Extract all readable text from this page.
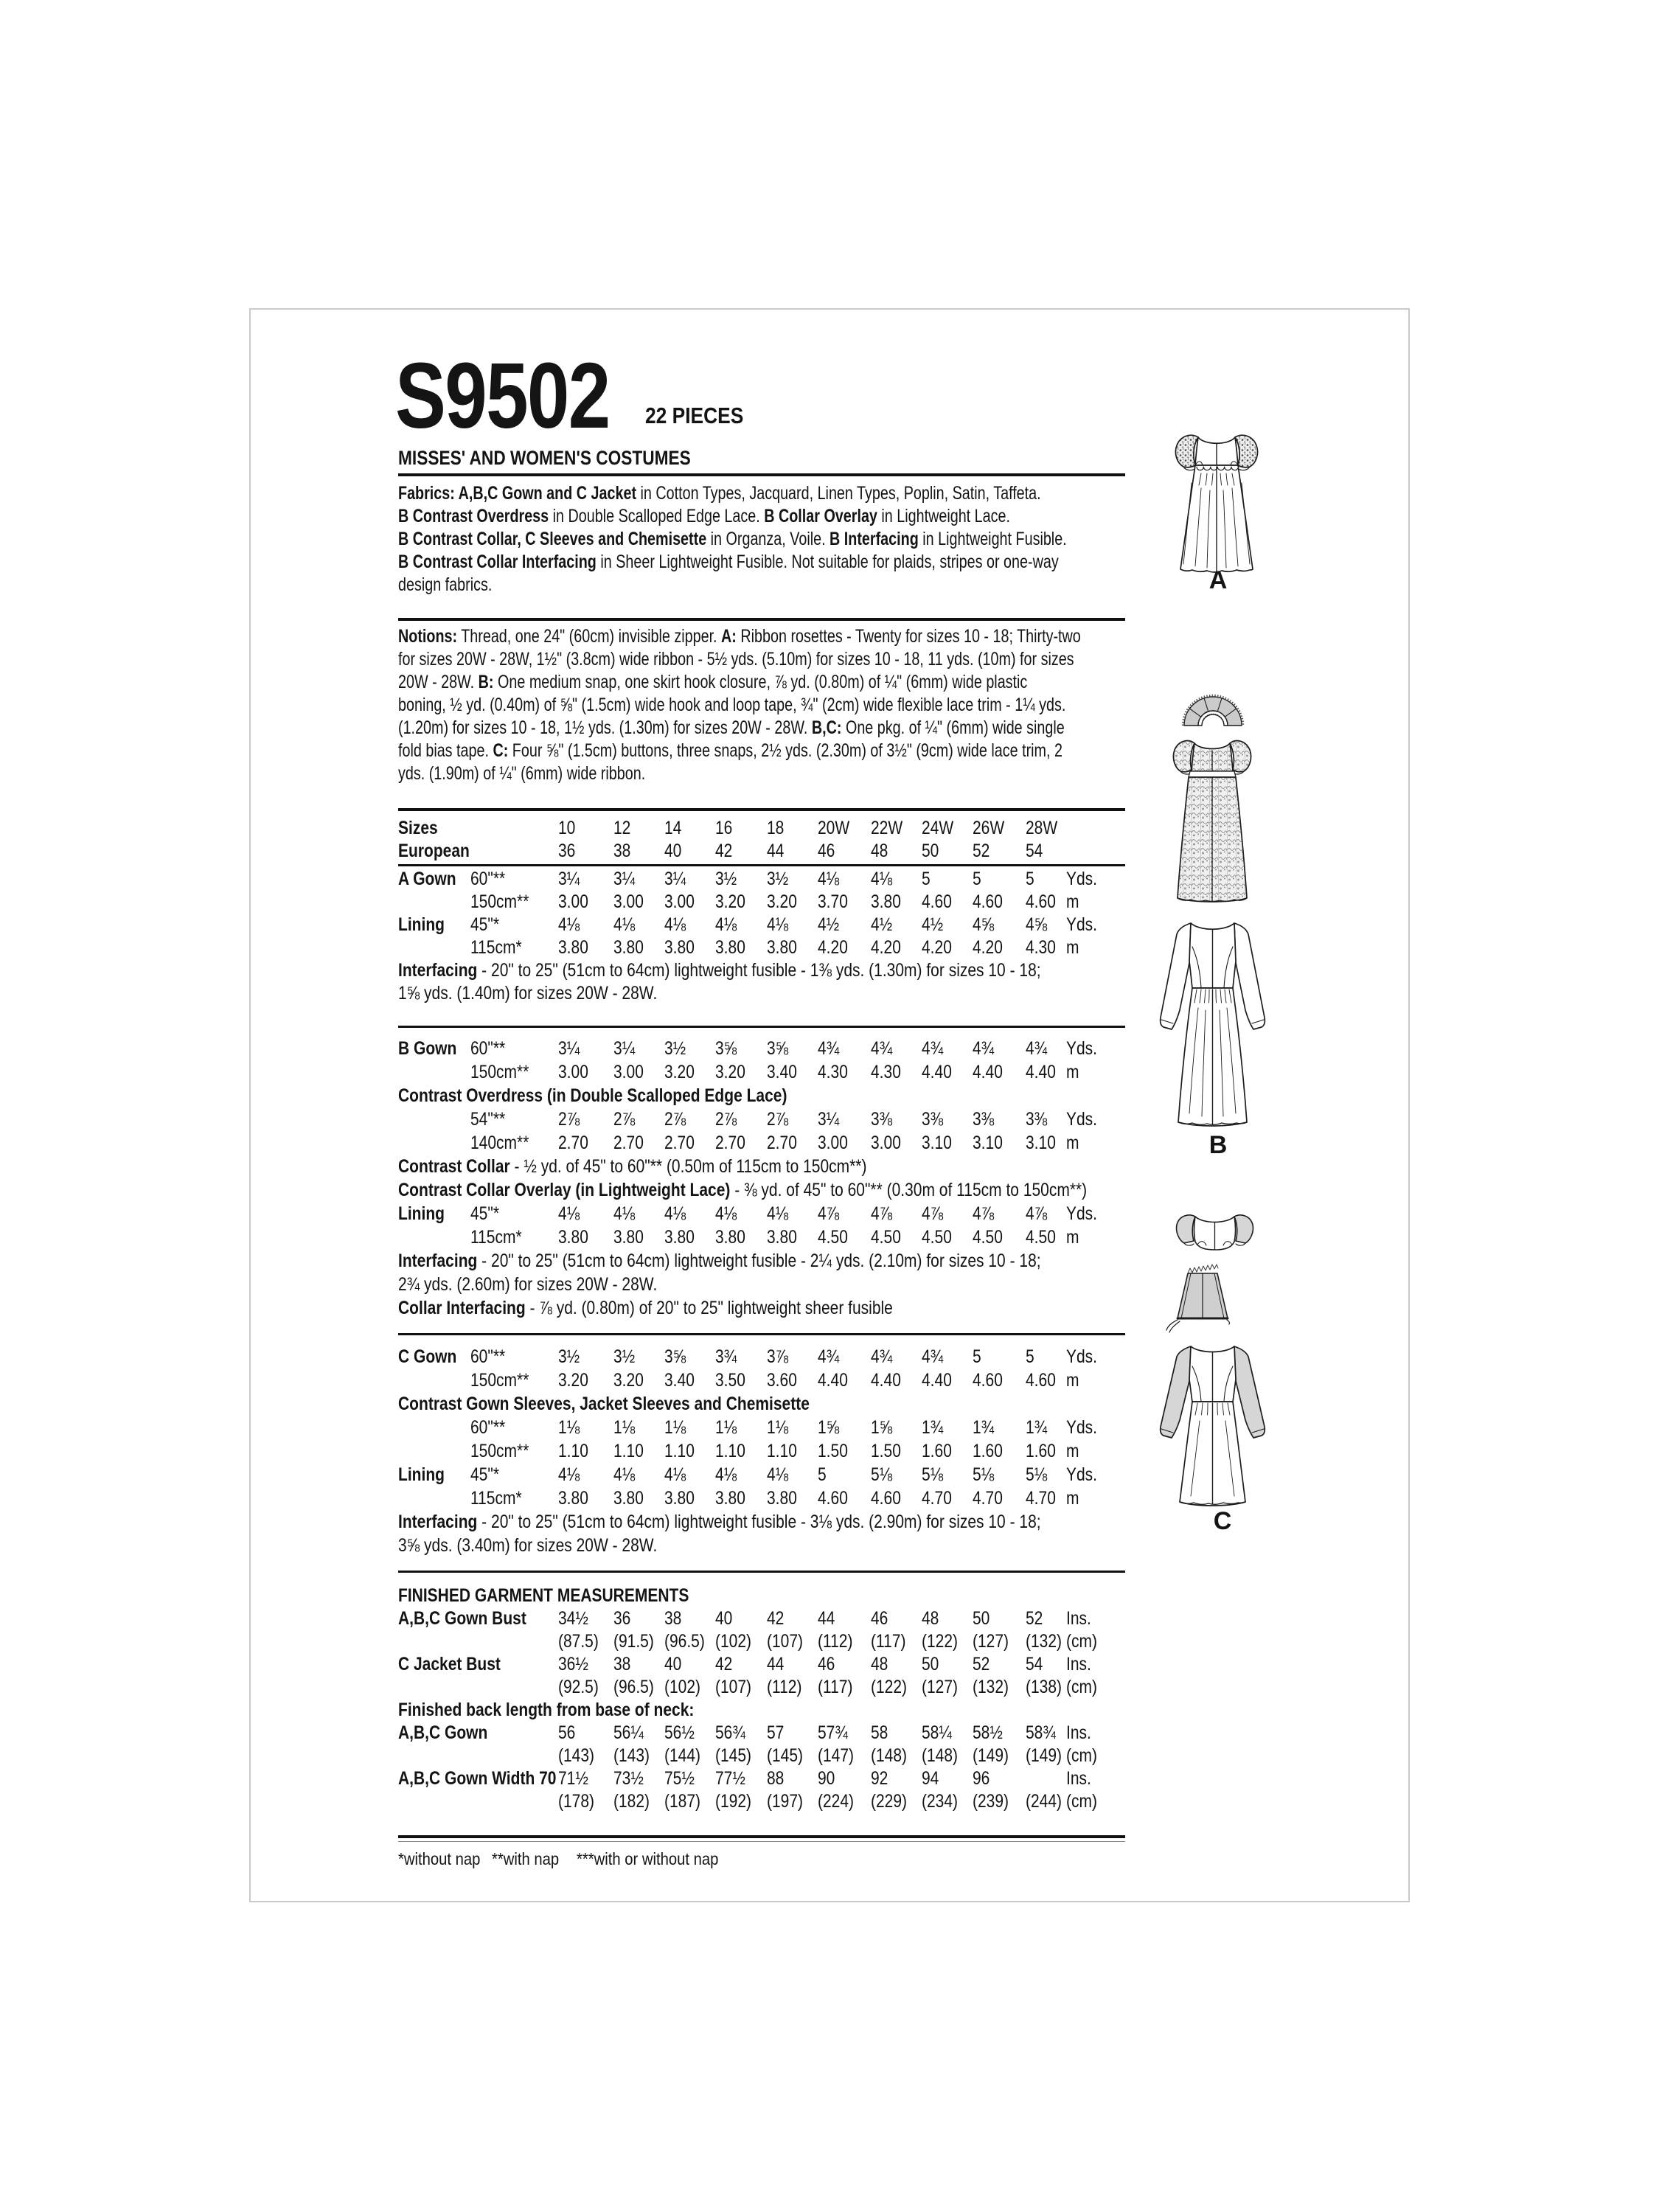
S9502 22 PIECES
MISSES' AND WOMEN'S COSTUMES
Fabrics: A,B,C Gown and C Jacket in Cotton Types, Jacquard, Linen Types, Poplin, Satin, Taffeta.
B Contrast Overdress in Double Scalloped Edge Lace. B Collar Overlay in Lightweight Lace.
B Contrast Collar, C Sleeves and Chemisette in Organza, Voile. B Interfacing in Lightweight Fusible.
B Contrast Collar Interfacing in Sheer Lightweight Fusible. Not suitable for plaids, stripes or one-way
design fabrics.
Notions: Thread, one 24" (60cm) invisible zipper. A: Ribbon rosettes - Twenty for sizes 10 - 18; Thirty-two
for sizes 20W - 28W, 1½" (3.8cm) wide ribbon - 5½ yds. (5.10m) for sizes 10 - 18, 11 yds. (10m) for sizes
20W - 28W. B: One medium snap, one skirt hook closure, ⅞ yd. (0.80m) of ¼" (6mm) wide plastic
boning, ½ yd. (0.40m) of ⅝" (1.5cm) wide hook and loop tape, ¾" (2cm) wide flexible lace trim - 1¼ yds.
(1.20m) for sizes 10 - 18, 1½ yds. (1.30m) for sizes 20W - 28W. B,C: One pkg. of ¼" (6mm) wide single
fold bias tape. C: Four ⅝" (1.5cm) buttons, three snaps, 2½ yds. (2.30m) of 3½" (9cm) wide lace trim, 2
yds. (1.90m) of ¼" (6mm) wide ribbon.
Sizes	10	12	14	16	18	20W	22W	24W	26W	28W
European	36	38	40	42	44	46	48	50	52	54
A Gown 60"**	3¼	3¼	3¼	3½	3½	4⅛	4⅛	5	5	5	Yds.
150cm**	3.00	3.00	3.00	3.20	3.20	3.70	3.80	4.60	4.60	4.60 m
Lining	45"*	4⅛	4⅛	4⅛	4⅛	4⅛	4½	4½	4½	4⅝	4⅝	Yds.
115cm*	3.80	3.80	3.80	3.80	3.80	4.20	4.20	4.20	4.20	4.30 m
Interfacing - 20" to 25" (51cm to 64cm) lightweight fusible - 1⅜ yds. (1.30m) for sizes 10 - 18;
1⅝ yds. (1.40m) for sizes 20W - 28W.
B Gown 60"**	3¼	3¼	3½	3⅝	3⅝	4¾	4¾	4¾	4¾	4¾	Yds.
150cm**	3.00	3.00	3.20	3.20	3.40	4.30	4.30	4.40	4.40	4.40 m
Contrast Overdress (in Double Scalloped Edge Lace)
54"**	2⅞	2⅞	2⅞	2⅞	2⅞	3¼	3⅜	3⅜	3⅜	3⅜	Yds.
140cm**	2.70	2.70	2.70	2.70	2.70	3.00	3.00	3.10	3.10	3.10 m
Contrast Collar - ½ yd. of 45" to 60"** (0.50m of 115cm to 150cm**)
Contrast Collar Overlay (in Lightweight Lace) - ⅜ yd. of 45" to 60"** (0.30m of 115cm to 150cm**)
Lining	45"*	4⅛	4⅛	4⅛	4⅛	4⅛	4⅞	4⅞	4⅞	4⅞	4⅞	Yds.
115cm*	3.80	3.80	3.80	3.80	3.80	4.50	4.50	4.50	4.50	4.50 m
Interfacing - 20" to 25" (51cm to 64cm) lightweight fusible - 2¼ yds. (2.10m) for sizes 10 - 18;
2¾ yds. (2.60m) for sizes 20W - 28W.
Collar Interfacing - ⅞ yd. (0.80m) of 20" to 25" lightweight sheer fusible
C Gown 60"**	3½	3½	3⅝	3¾	3⅞	4¾	4¾	4¾	5	5	Yds.
150cm**	3.20	3.20	3.40	3.50	3.60	4.40	4.40	4.40	4.60	4.60 m
Contrast Gown Sleeves, Jacket Sleeves and Chemisette
60"**	1⅛	1⅛	1⅛	1⅛	1⅛	1⅝	1⅝	1¾	1¾	1¾	Yds.
150cm**	1.10	1.10	1.10	1.10	1.10	1.50	1.50	1.60	1.60	1.60 m
Lining	45"*	4⅛	4⅛	4⅛	4⅛	4⅛	5	5⅛	5⅛	5⅛	5⅛	Yds.
115cm*	3.80	3.80	3.80	3.80	3.80	4.60	4.60	4.70	4.70	4.70 m
Interfacing - 20" to 25" (51cm to 64cm) lightweight fusible - 3⅛ yds. (2.90m) for sizes 10 - 18;
3⅝ yds. (3.40m) for sizes 20W - 28W.
FINISHED GARMENT MEASUREMENTS
A,B,C Gown Bust	34½	36	38	40	42	44	46	48	50	52	Ins.
(87.5) (91.5) (96.5) (102) (107) (112) (117) (122) (127) (132) (cm)
C Jacket Bust	36½	38	40	42	44	46	48	50	52	54	Ins.
(92.5) (96.5) (102) (107) (112) (117) (122) (127) (132) (138) (cm)
Finished back length from base of neck:
A,B,C Gown	56	56¼	56½	56¾	57	57¾	58	58¼	58½	58¾ Ins.
(143)	(143) (144) (145) (145) (147) (148) (148) (149) (149) (cm)
A,B,C Gown Width 70 71½	73½	75½	77½	88	90	92	94	96	Ins.
(178)	(182) (187) (192) (197) (224) (229) (234) (239) (244) (cm)
*without nap **with nap ***with or without nap
A
B
C
